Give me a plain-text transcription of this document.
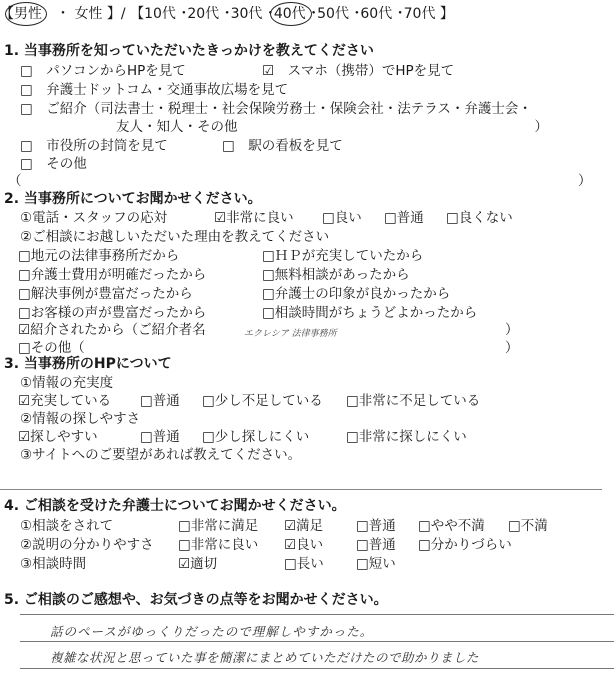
【男性　・ 女性 】/ 【10代 ･20代 ･30代 ･40代 ･50代 ･60代 ･70代 】
1. 当事務所を知っていただいたきっかけを教えてください
□　パソコンからHPを見て	☑　スマホ（携帯）でHPを見て
□　弁護士ドットコム・交通事故広場を見て
□　ご紹介（司法書士・税理士・社会保険労務士・保険会社・法テラス・弁護士会・
友人・知人・その他　　　　　　　　　　　　　　　　　　　　　　）
□　市役所の封筒を見て	□　駅の看板を見て
□　その他
（	）
2. 当事務所についてお聞かせください。
①電話・スタッフの応対	☑非常に良い □良い □普通 □良くない
②ご相談にお越しいただいた理由を教えてください
□地元の法律事務所だから	□ＨＰが充実していたから
□弁護士費用が明確だったから	□無料相談があったから
□解決事例が豊富だったから	□弁護士の印象が良かったから
□お客様の声が豊富だったから	□相談時間がちょうどよかったから
☑紹介されたから（ご紹介者名	エクレシア 法律事務所	）
□その他（	）
3. 当事務所のHPについて
①情報の充実度
☑充実している □普通 □少し不足している □非常に不足している
②情報の探しやすさ
☑探しやすい	□普通 □少し探しにくい	□非常に探しにくい
③サイトへのご要望があれば教えてください。
4. ご相談を受けた弁護士についてお聞かせください。
①相談をされて	□非常に満足 ☑満足 □普通 □やや不満 □不満
②説明の分かりやすさ □非常に良い ☑良い □普通 □分かりづらい
③相談時間	☑適切	□長い □短い
5. ご相談のご感想や、お気づきの点等をお聞かせください。
話のペースがゆっくりだったので理解しやすかった。
複雑な状況と思っていた事を簡潔にまとめていただけたので助かりました
